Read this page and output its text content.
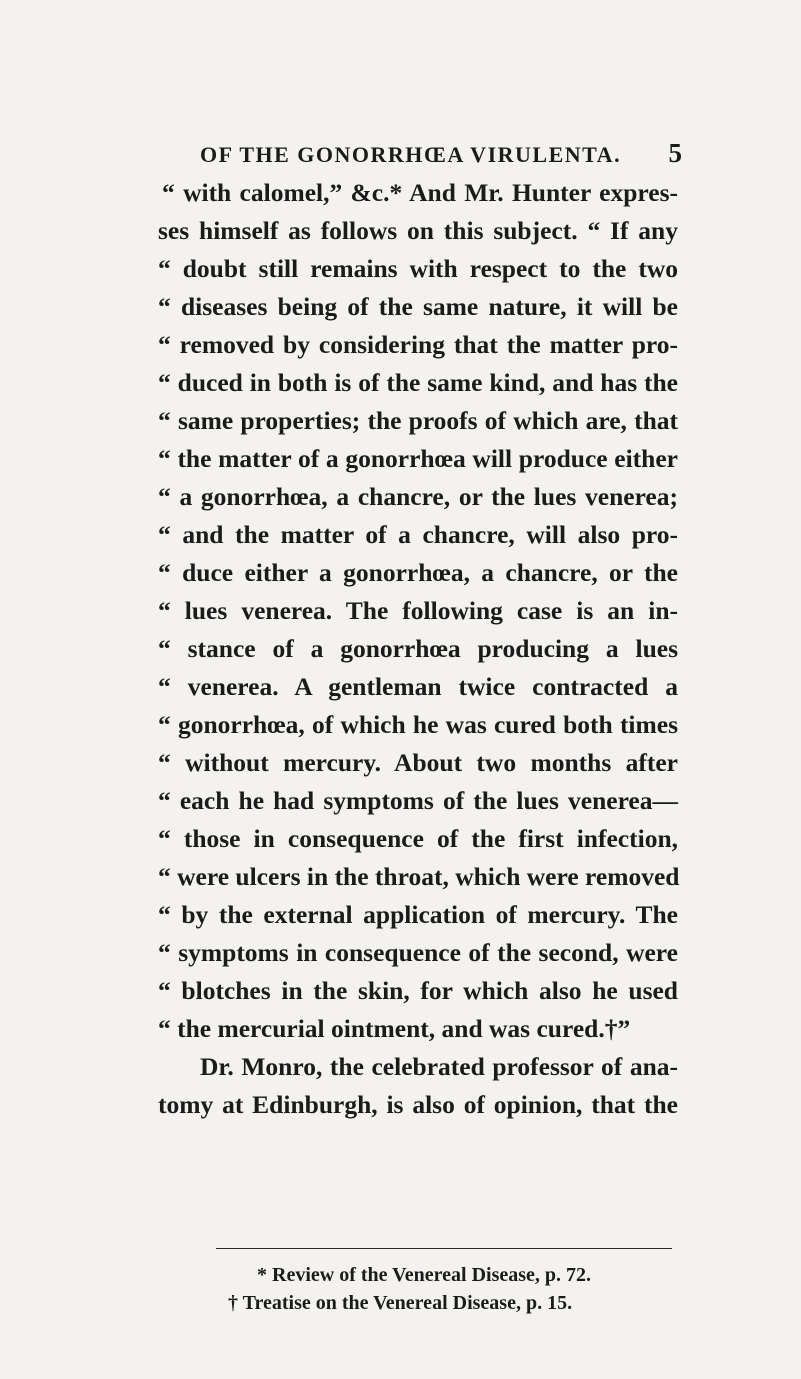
OF THE GONORRHŒA VIRULENTA. 5
“ with calomel,” &c.* And Mr. Hunter expres-
ses himself as follows on this subject. “ If any
“ doubt still remains with respect to the two
“ diseases being of the same nature, it will be
“ removed by considering that the matter pro-
“ duced in both is of the same kind, and has the
“ same properties; the proofs of which are, that
“ the matter of a gonorrhœa will produce either
“ a gonorrhœa, a chancre, or the lues venerea;
“ and the matter of a chancre, will also pro-
“ duce either a gonorrhœa, a chancre, or the
“ lues venerea. The following case is an in-
“ stance of a gonorrhœa producing a lues
“ venerea. A gentleman twice contracted a
“ gonorrhœa, of which he was cured both times
“ without mercury. About two months after
“ each he had symptoms of the lues venerea—
“ those in consequence of the first infection,
“ were ulcers in the throat, which were removed
“ by the external application of mercury. The
“ symptoms in consequence of the second, were
“ blotches in the skin, for which also he used
“ the mercurial ointment, and was cured.†”
Dr. Monro, the celebrated professor of ana-
tomy at Edinburgh, is also of opinion, that the
* Review of the Venereal Disease, p. 72.
† Treatise on the Venereal Disease, p. 15.
